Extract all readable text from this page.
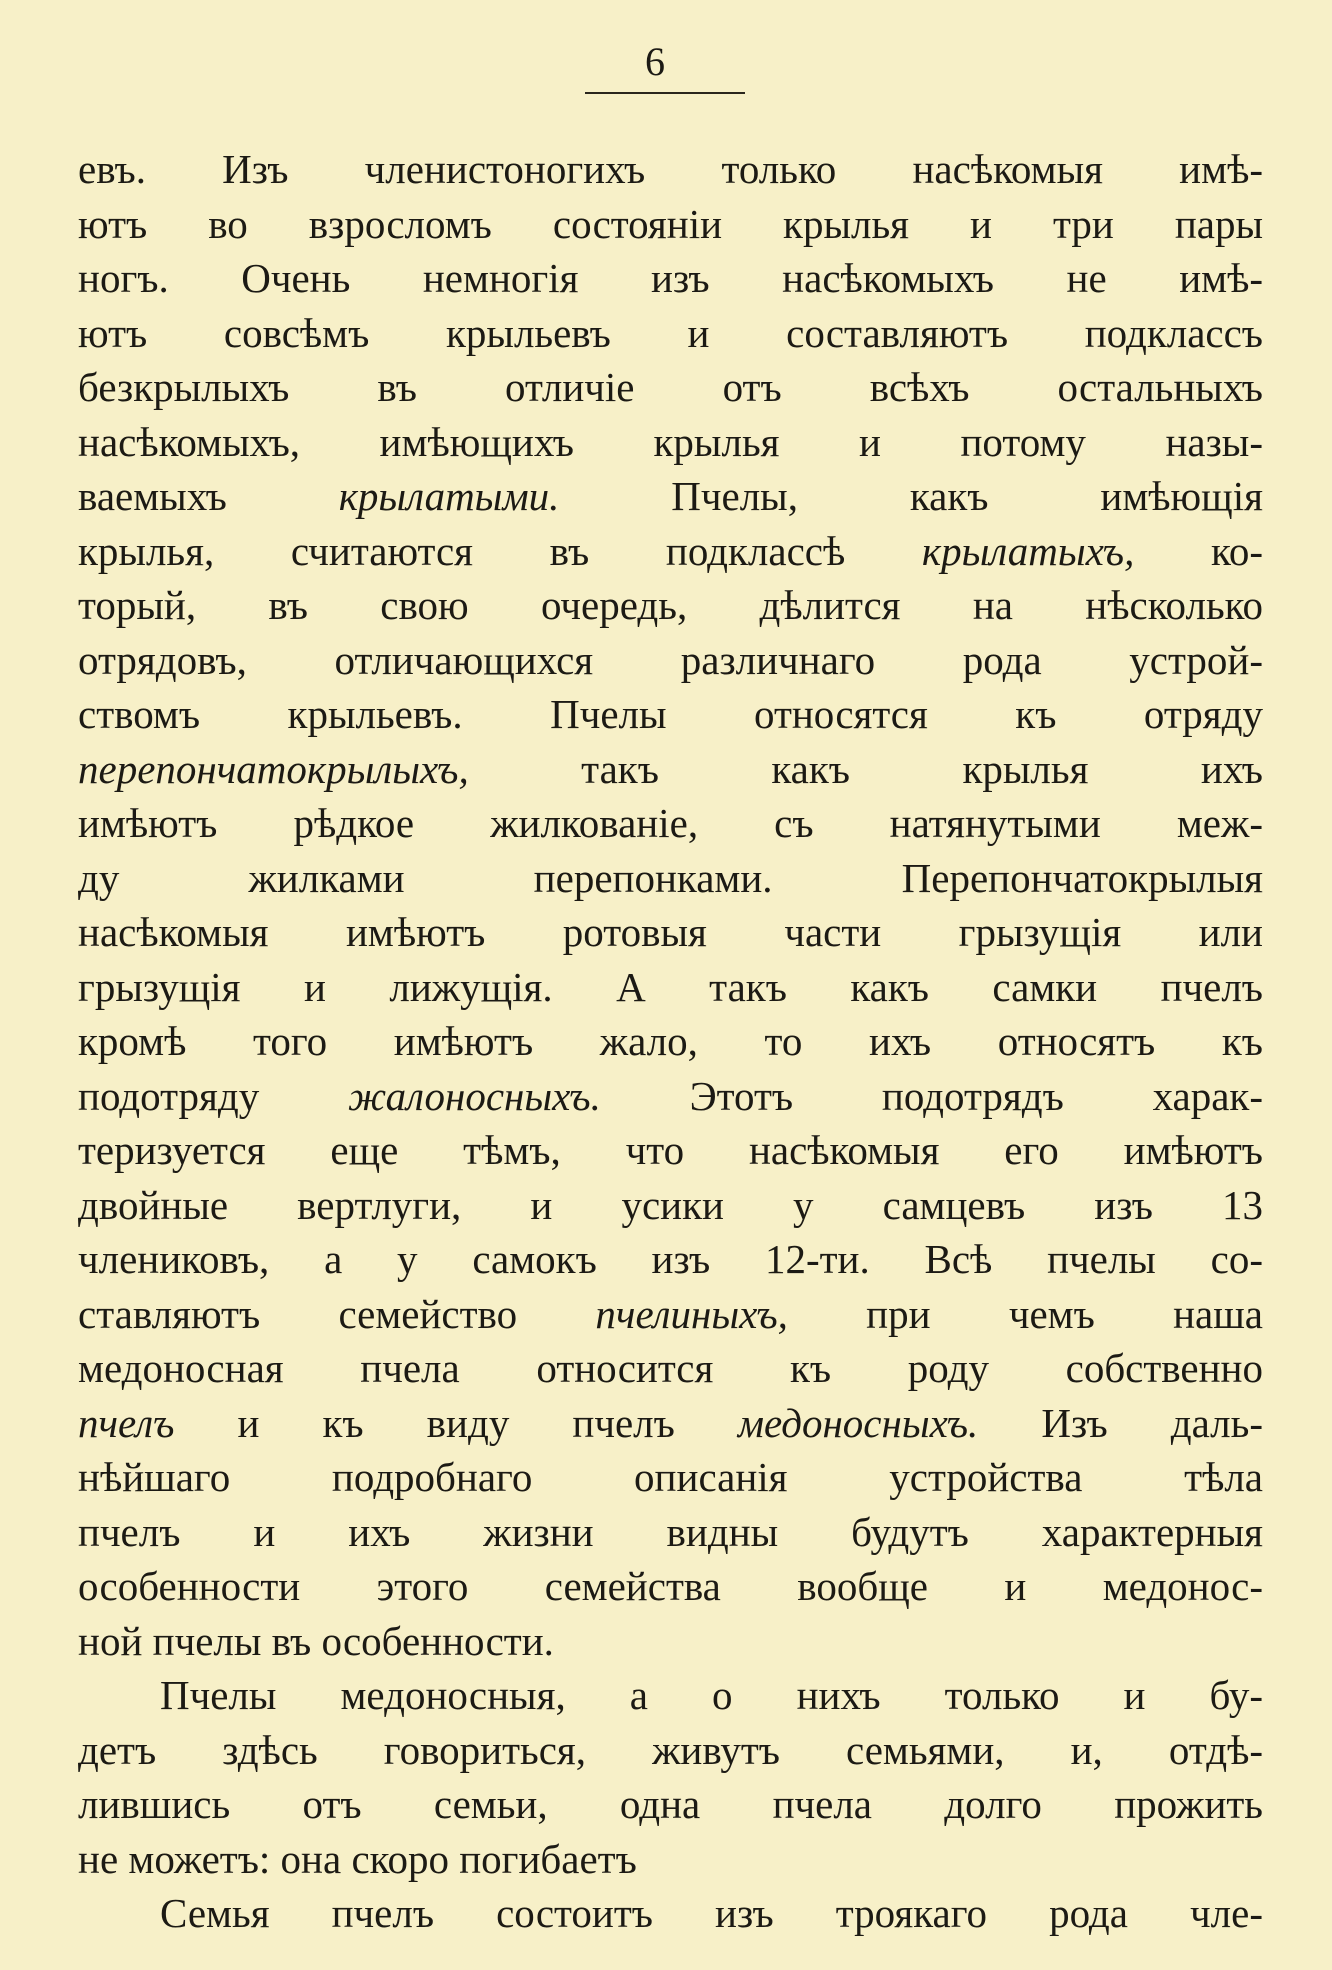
6
евъ. Изъ членистоногихъ только насѣкомыя имѣ-
ютъ во взросломъ состояніи крылья и три пары
ногъ. Очень немногія изъ насѣкомыхъ не имѣ-
ютъ совсѣмъ крыльевъ и составляютъ подклассъ
безкрылыхъ въ отличіе отъ всѣхъ остальныхъ
насѣкомыхъ, имѣющихъ крылья и потому назы-
ваемыхъ крылатыми. Пчелы, какъ имѣющія
крылья, считаются въ подклассѣ крылатыхъ, ко-
торый, въ свою очередь, дѣлится на нѣсколько
отрядовъ, отличающихся различнаго рода устрой-
ствомъ крыльевъ. Пчелы относятся къ отряду
перепончатокрылыхъ, такъ какъ крылья ихъ
имѣютъ рѣдкое жилкованіе, съ натянутыми меж-
ду жилками перепонками. Перепончатокрылыя
насѣкомыя имѣютъ ротовыя части грызущія или
грызущія и лижущія. А такъ какъ самки пчелъ
кромѣ того имѣютъ жало, то ихъ относятъ къ
подотряду жалоносныхъ. Этотъ подотрядъ харак-
теризуется еще тѣмъ, что насѣкомыя его имѣютъ
двойные вертлуги, и усики у самцевъ изъ 13
члениковъ, а у самокъ изъ 12-ти. Всѣ пчелы со-
ставляютъ семейство пчелиныхъ, при чемъ наша
медоносная пчела относится къ роду собственно
пчелъ и къ виду пчелъ медоносныхъ. Изъ даль-
нѣйшаго подробнаго описанія устройства тѣла
пчелъ и ихъ жизни видны будутъ характерныя
особенности этого семейства вообще и медонос-
ной пчелы въ особенности.
Пчелы медоносныя, а о нихъ только и бу-
детъ здѣсь говориться, живутъ семьями, и, отдѣ-
лившись отъ семьи, одна пчела долго прожить
не можетъ: она скоро погибаетъ
Семья пчелъ состоитъ изъ троякаго рода чле-
